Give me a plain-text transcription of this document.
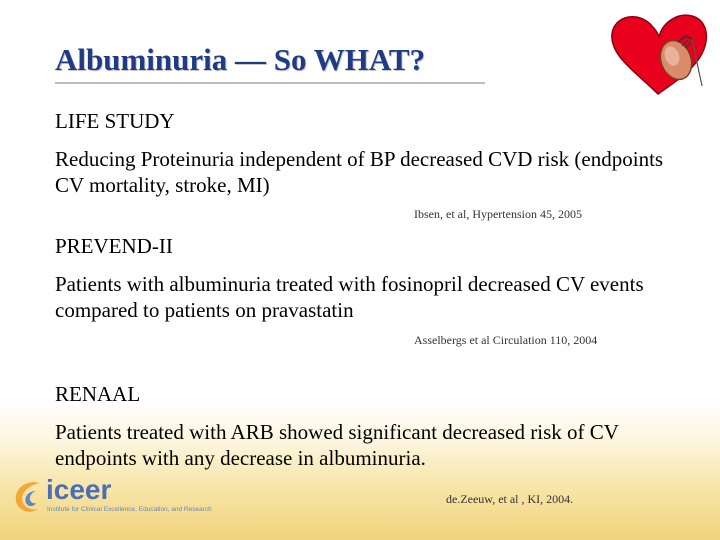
Albuminuria — So WHAT?
LIFE STUDY
Reducing Proteinuria independent of BP decreased CVD risk (endpoints CV mortality, stroke, MI)
Ibsen, et al, Hypertension 45, 2005
PREVEND-II
Patients with albuminuria treated with fosinopril decreased CV events compared to patients on pravastatin
Asselbergs et al Circulation 110, 2004
RENAAL
Patients treated with ARB showed significant decreased risk of CV endpoints with any decrease in albuminuria.
de.Zeeuw, et al , KI, 2004.
iceer
Institute for Clinical Excellence, Education, and Research
